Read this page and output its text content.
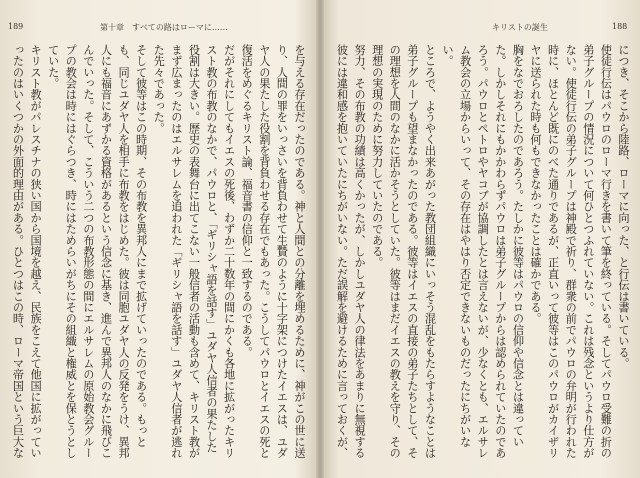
189	第十章　すべての路はローマに……

を与える存在だったのである。神と人間との分離を埋めるために、神がこの世に送り、人間の罪をいっさいを背負わせて生贄のように十字架につけたイエスは、ユダヤ人の果たした役割を背負わせる存在でもあった。こうしてパウロとイエスの死と復活をめぐるキリスト論、福音書の信仰と一致するのである。

だがそれにしてもイエスの死後、わずか二十数年の間にかくも各地に拡がったキリスト教の布教のなかで、パウロと、「ギリシャ語を話す」ユダヤ人信者の果たした役割は大きい。歴史の表舞台に出てこない一般信者の活動も含めて、キリスト教がまず広まったのはエルサレムを追われた「ギリシャ語を話す」ユダヤ人信者が逃れた先々であった。

そして彼等はこの時期、その布教を異邦人にまで拡げていったのである。もっとも、同じユダヤ人を相手に布教をはじめた。彼は同胞ユダヤ人の反発をうけ、異邦人にも福音にあずかる資格があるという信念に基き、進んで異邦人のなかに飛びこんでいった。そして、こういう二つの布教形態の間にエルサレムの原始教会グループの教会は時にはぐらつき、時にはためらいがちにその組織と権威とを保とうとしていた。

キリスト教がパレスチナの狭い国から国境を越え、民族をこえて他国に拡がっていったのはいくつかの外面的理由がある。ひとつはこの時、ローマ帝国という巨大な

キリストの誕生	188

につき、そこから陸路、ローマに向った、と行伝は書いている。

使徒行伝はパウロのローマ行きを書いて筆を終っている。そしてパウロ受難の折の弟子グループの情況について何ひとつふれていない。これは残念というより仕方がない。使徒行伝の弟子グループは神殿で祈り、群衆の前でパウロの弁明が行われた時に、ほとんど既にのべた通りであるが、正直いって彼等はこのパウロがカイザリヤに送られた時も何もできなかったことは確かである。

胸をなでおろしたのであろう。たしかに彼等はパウロの信仰や信念とは違っていた。しかしそれにもかかわらずパウロは弟子グループからは認められていたのであろう。パウロとペトロやヤコブが協調したとは言えないが、少なくとも、エルサレム教会の立場からいって、その存在はやはり否定できないものだったにちがいない。

ところで、ようやく出来あがった教団組織にいっそう混乱をもたらすようなことは弟子グループも望まなかったのである。彼等はイエスの直接の弟子たちとして、その理想を人間のなかに活かそうとしていた。彼等はまだイエスの教えを守り、その理想の実現のために努力していたのである。

努力、その布教の功績は高くかったが、しかしユダヤ人の律法をあまりに無視する彼には違和感を抱いていたにちがいない。ただ誤解を避けるために言っておくが、
